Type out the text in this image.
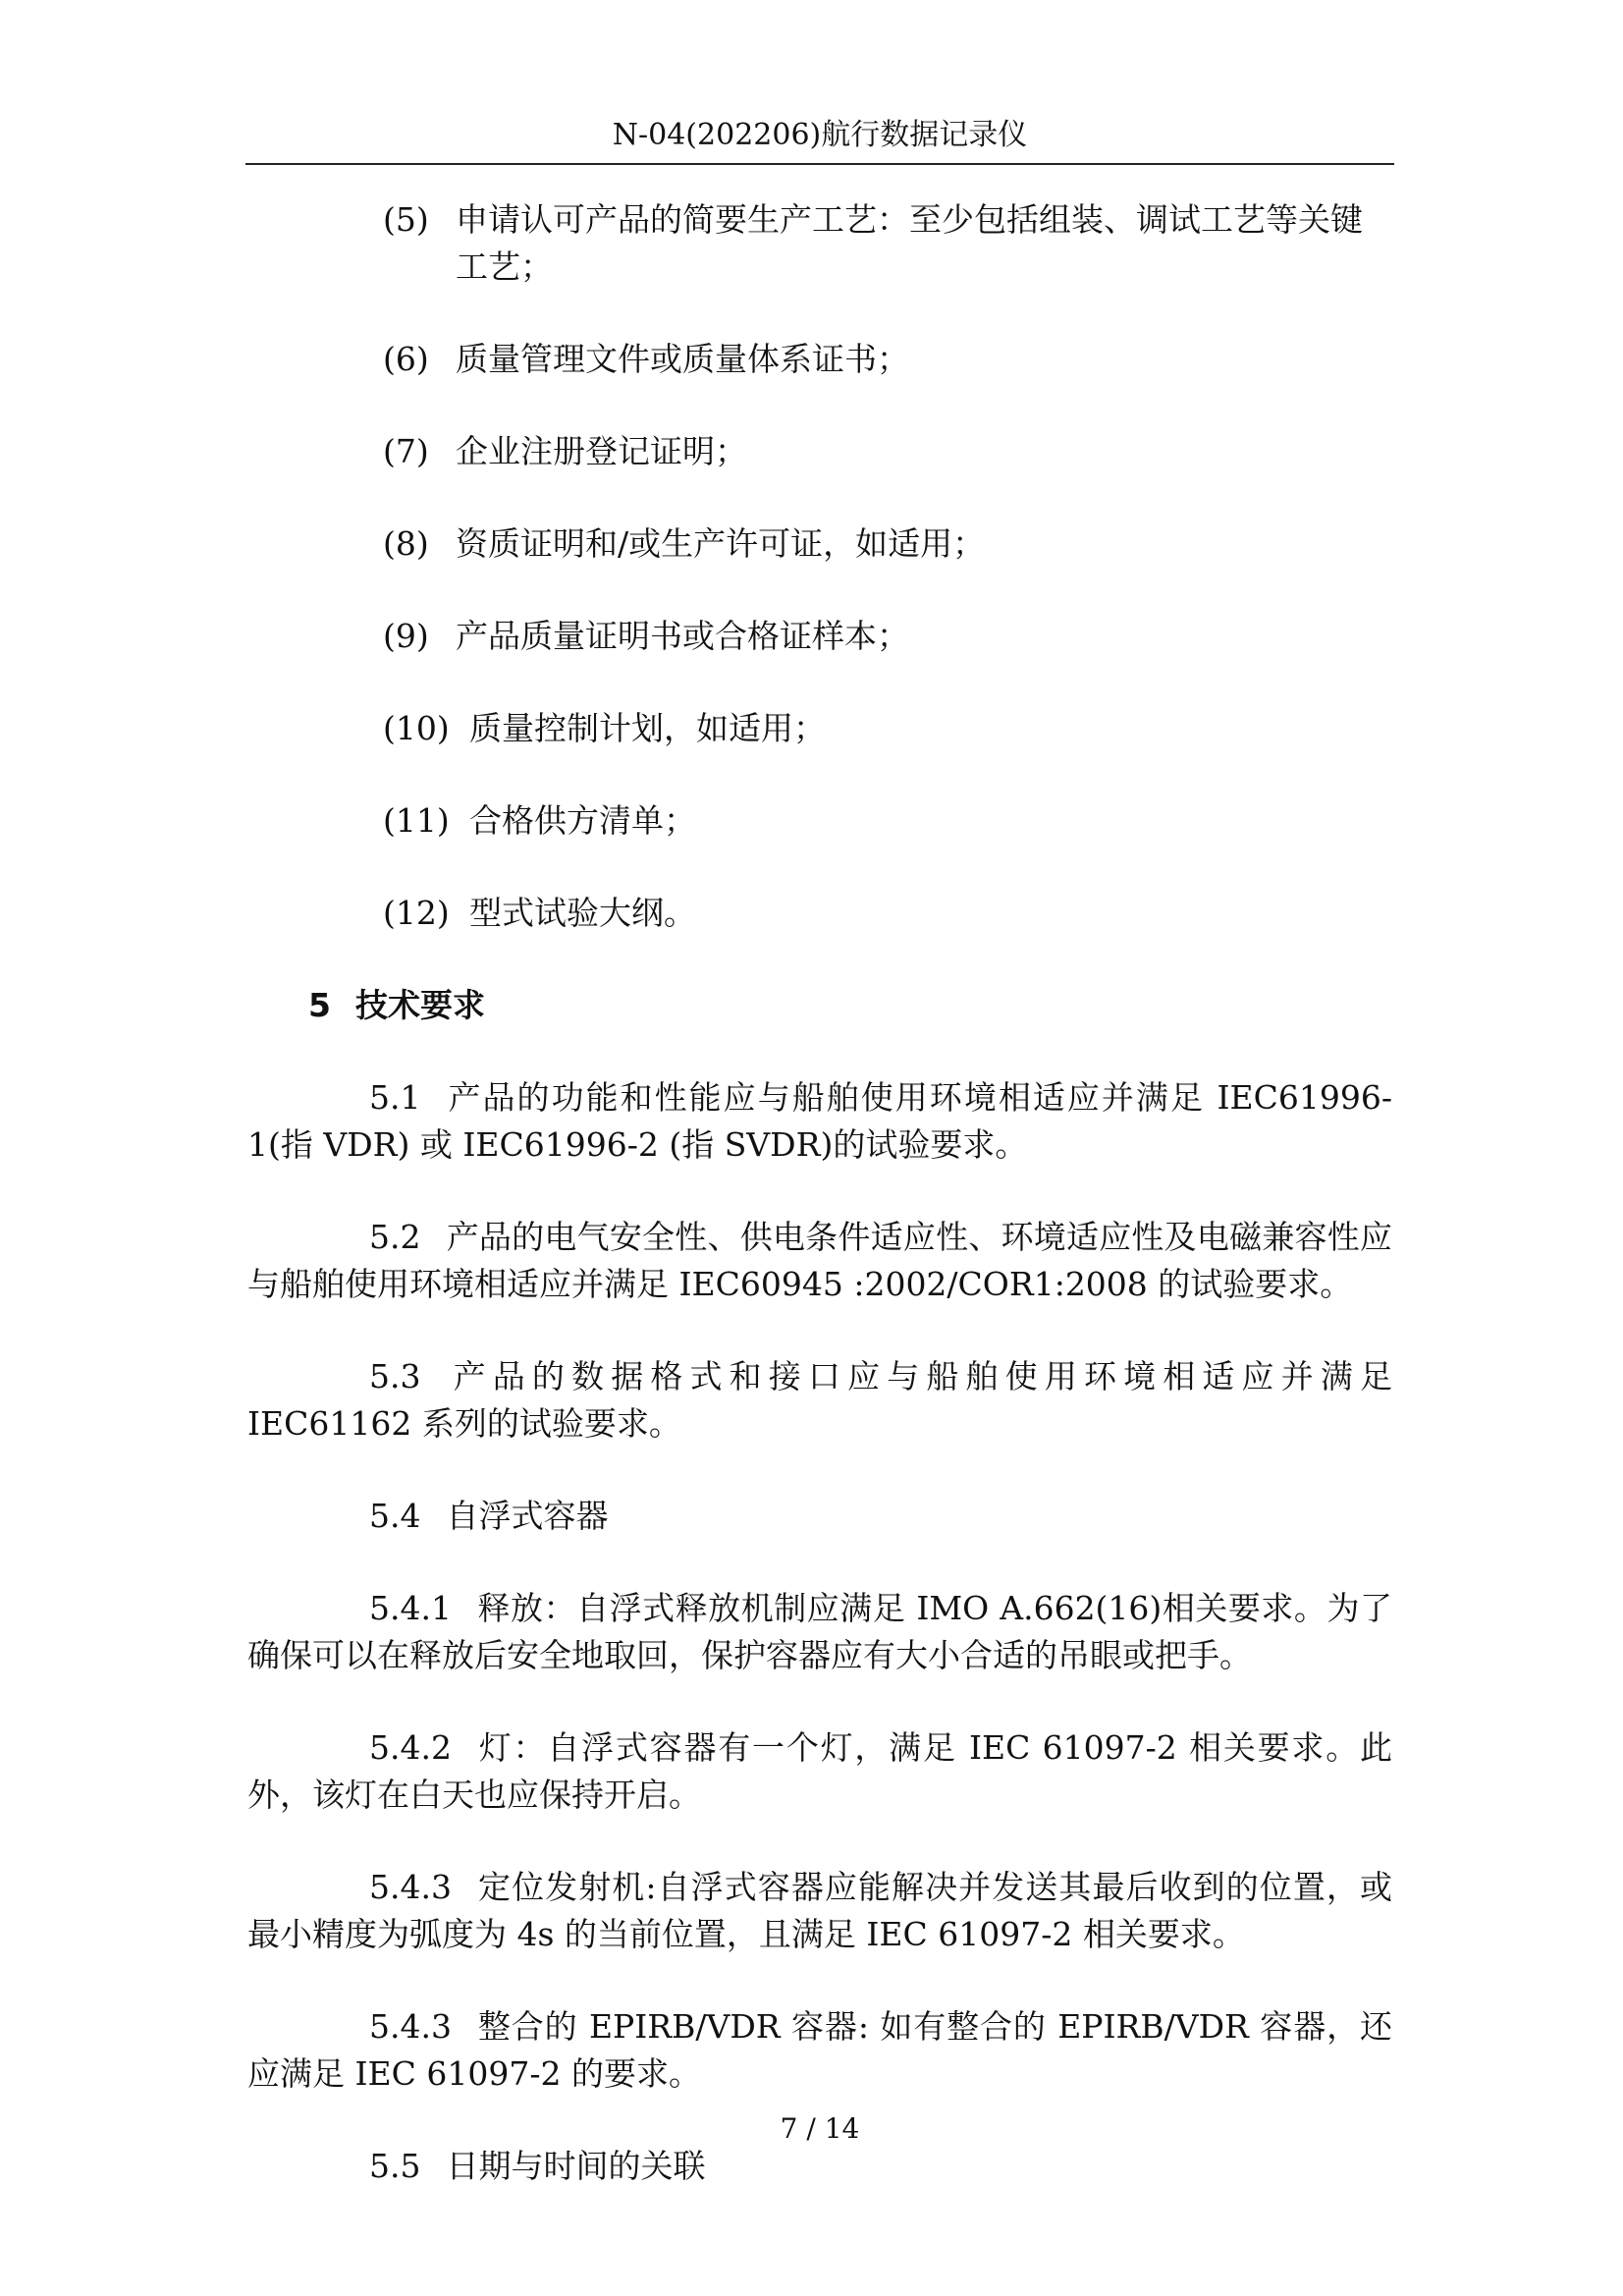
N-04(202206)航行数据记录仪
(5) 申请认可产品的简要生产工艺：至少包括组装、调试工艺等关键工艺；
(6) 质量管理文件或质量体系证书；
(7) 企业注册登记证明；
(8) 资质证明和/或生产许可证，如适用；
(9) 产品质量证明书或合格证样本；
(10) 质量控制计划，如适用；
(11) 合格供方清单；
(12) 型式试验大纲。
5 技术要求

5.1 产品的功能和性能应与船舶使用环境相适应并满足 IEC61996-1(指 VDR) 或 IEC61996-2 (指 SVDR)的试验要求。

5.2 产品的电气安全性、供电条件适应性、环境适应性及电磁兼容性应与船舶使用环境相适应并满足 IEC60945 :2002/COR1:2008 的试验要求。

5.3 产品的数据格式和接口应与船舶使用环境相适应并满足 IEC61162 系列的试验要求。

5.4 自浮式容器

5.4.1 释放：自浮式释放机制应满足 IMO A.662(16)相关要求。为了确保可以在释放后安全地取回，保护容器应有大小合适的吊眼或把手。

5.4.2 灯：自浮式容器有一个灯，满足 IEC 61097-2 相关要求。此外，该灯在白天也应保持开启。

5.4.3 定位发射机:自浮式容器应能解决并发送其最后收到的位置，或最小精度为弧度为 4s 的当前位置，且满足 IEC 61097-2 相关要求。

5.4.3 整合的 EPIRB/VDR 容器: 如有整合的 EPIRB/VDR 容器，还应满足 IEC 61097-2 的要求。

5.5 日期与时间的关联

7 / 14
